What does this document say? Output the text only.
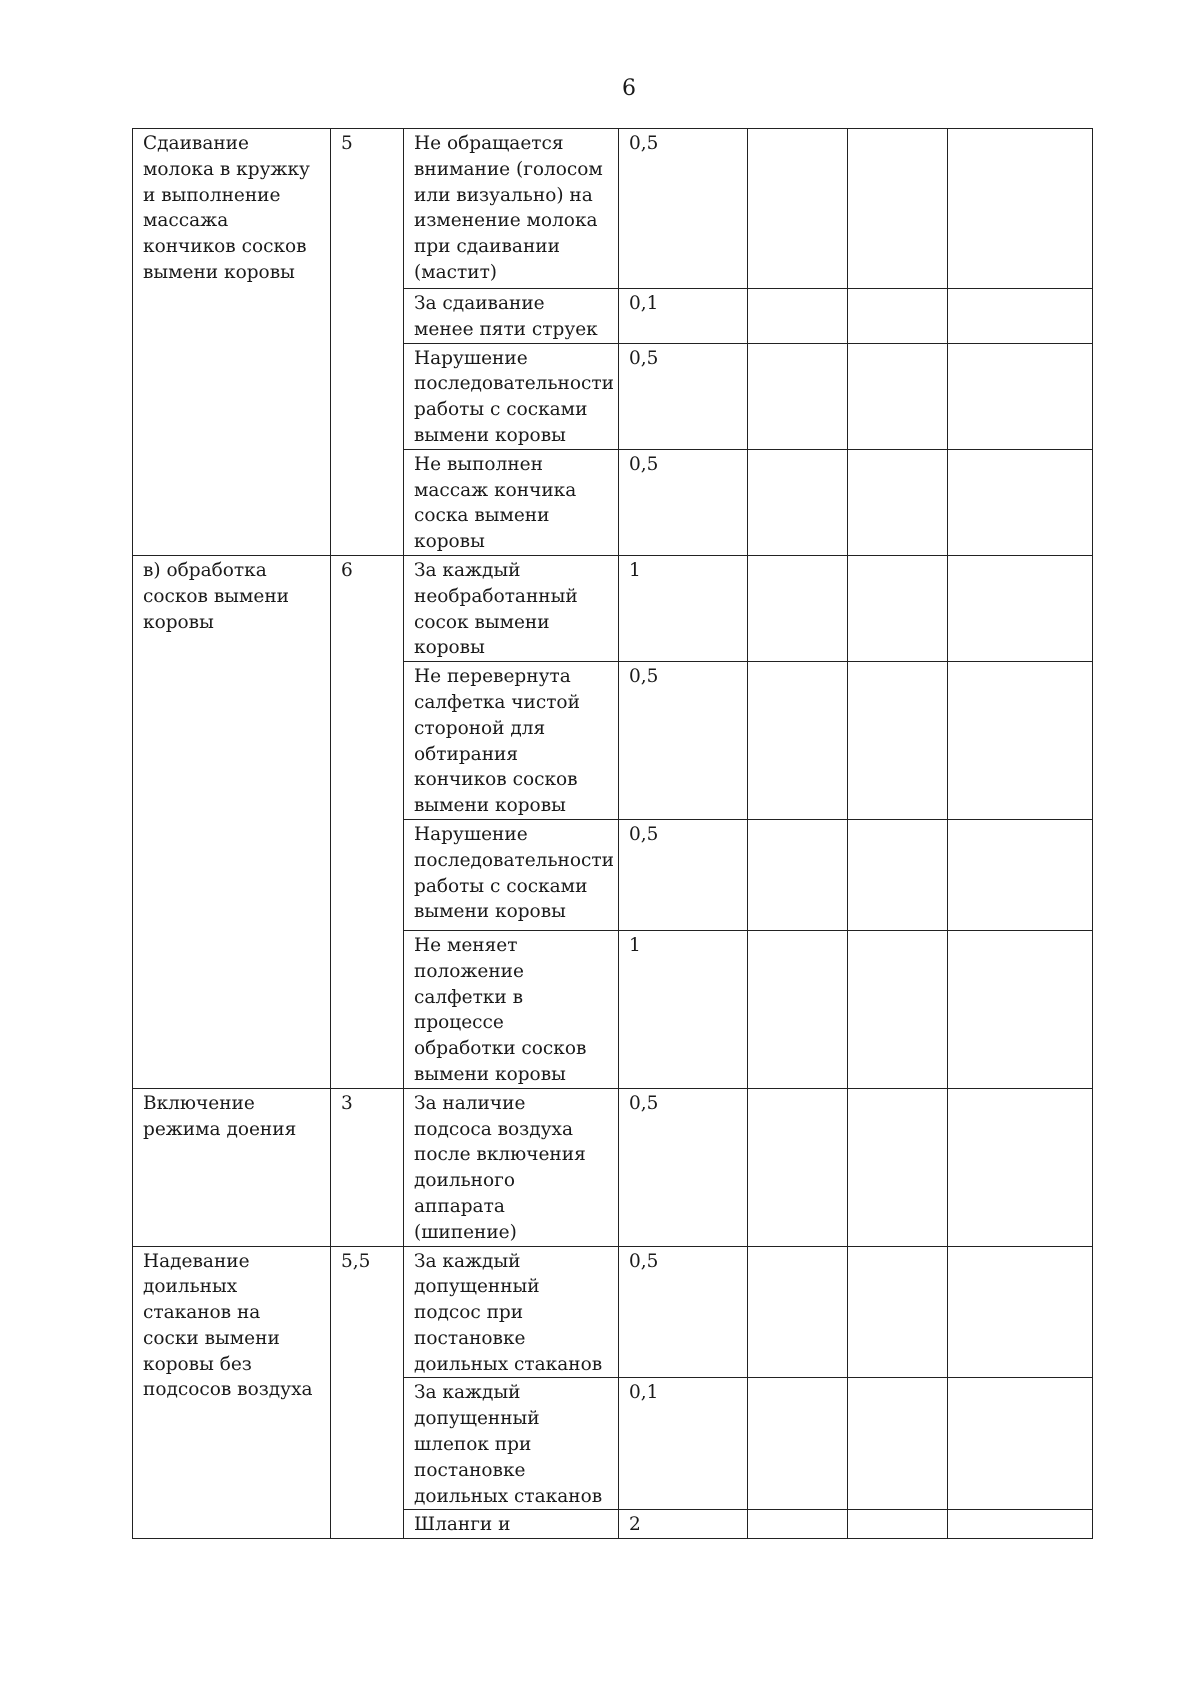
6
Сдаивание молока в кружку и выполнение массажа кончиков сосков вымени коровы	5	Не обращается внимание (голосом или визуально) на изменение молока при сдаивании (мастит)	0,5			
		За сдаивание менее пяти струек	0,1			
		Нарушение последовательности работы с сосками вымени коровы	0,5			
		Не выполнен массаж кончика соска вымени коровы	0,5			
в) обработка сосков вымени коровы	6	За каждый необработанный сосок вымени коровы	1			
		Не перевернута салфетка чистой стороной для обтирания кончиков сосков вымени коровы	0,5			
		Нарушение последовательности работы с сосками вымени коровы	0,5			
		Не меняет положение салфетки в процессе обработки сосков вымени коровы	1			
Включение режима доения	3	За наличие подсоса воздуха после включения доильного аппарата (шипение)	0,5			
Надевание доильных стаканов на соски вымени коровы без подсосов воздуха	5,5	За каждый допущенный подсос при постановке доильных стаканов	0,5			
		За каждый допущенный шлепок при постановке доильных стаканов	0,1			
		Шланги и	2			
